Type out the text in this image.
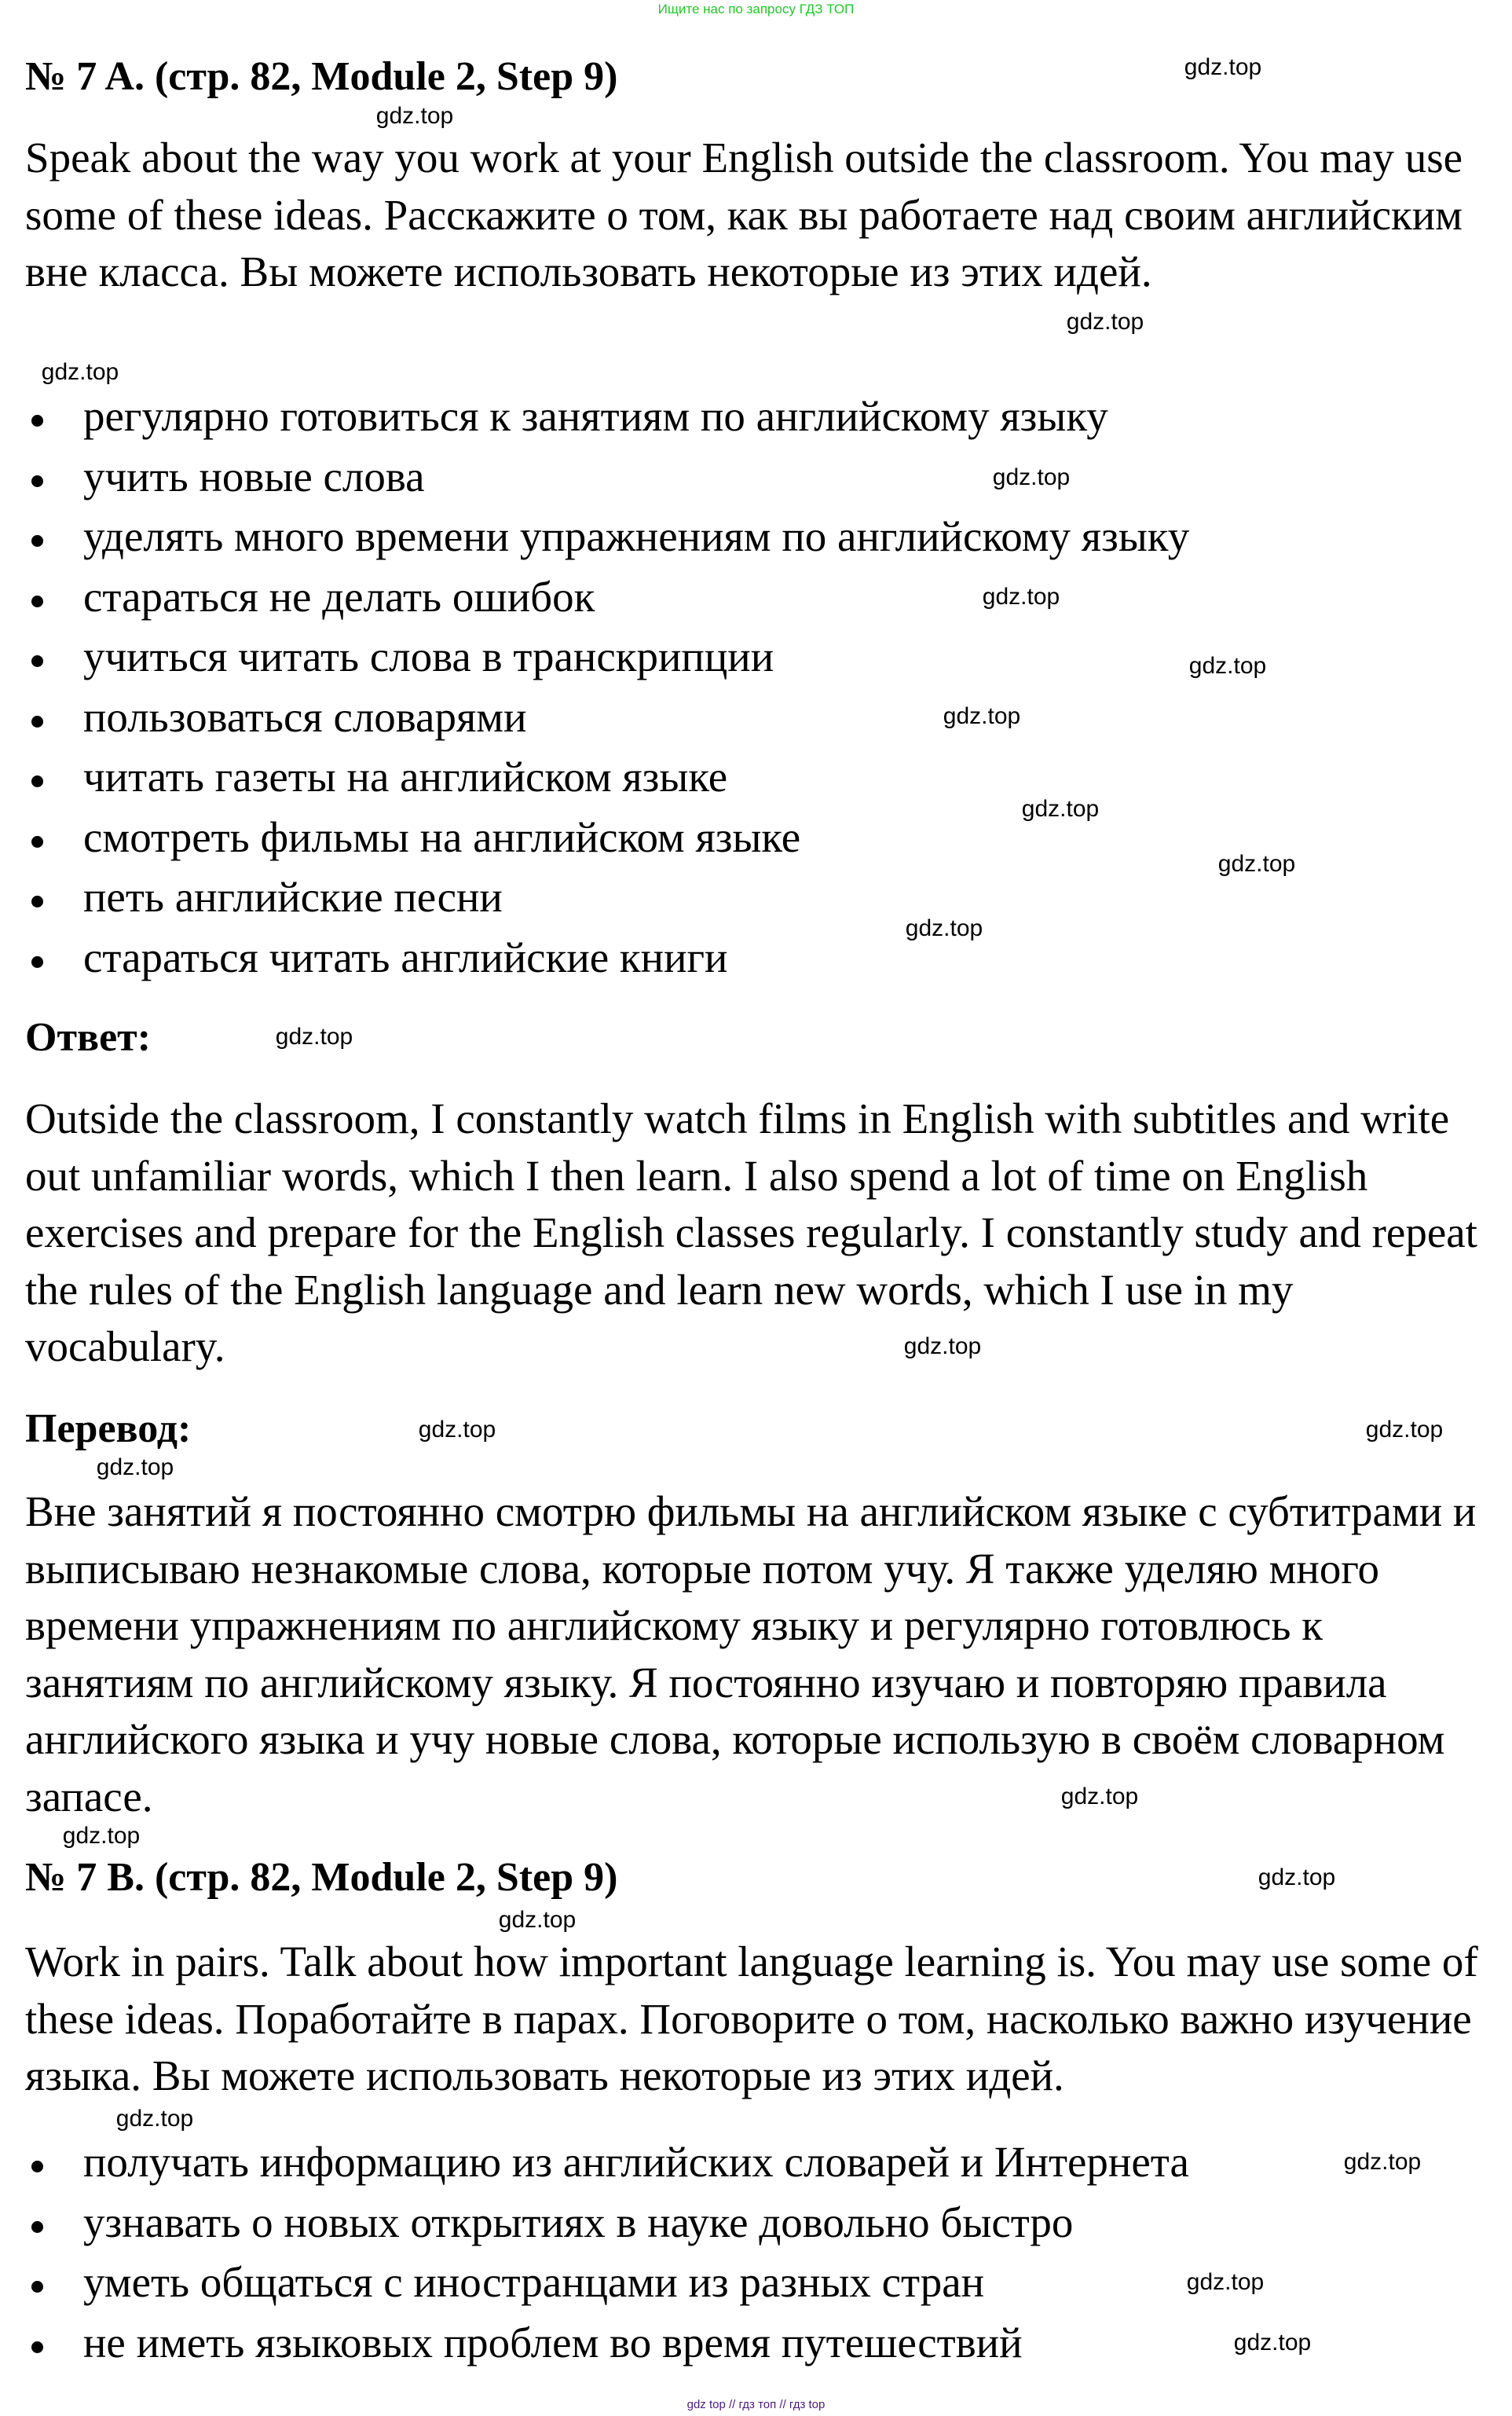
Ищите нас по запросу ГДЗ ТОП
№ 7 A. (стр. 82, Module 2, Step 9)
Speak about the way you work at your English outside the classroom. You may use some of these ideas. Расскажите о том, как вы работаете над своим английским вне класса. Вы можете использовать некоторые из этих идей.
регулярно готовиться к занятиям по английскому языку
учить новые слова
уделять много времени упражнениям по английскому языку
стараться не делать ошибок
учиться читать слова в транскрипции
пользоваться словарями
читать газеты на английском языке
смотреть фильмы на английском языке
петь английские песни
стараться читать английские книги
Ответ:
Outside the classroom, I constantly watch films in English with subtitles and write out unfamiliar words, which I then learn. I also spend a lot of time on English exercises and prepare for the English classes regularly. I constantly study and repeat the rules of the English language and learn new words, which I use in my vocabulary.
Перевод:
Вне занятий я постоянно смотрю фильмы на английском языке с субтитрами и выписываю незнакомые слова, которые потом учу. Я также уделяю много времени упражнениям по английскому языку и регулярно готовлюсь к занятиям по английскому языку. Я постоянно изучаю и повторяю правила английского языка и учу новые слова, которые использую в своём словарном запасе.
№ 7 B. (стр. 82, Module 2, Step 9)
Work in pairs. Talk about how important language learning is. You may use some of these ideas. Поработайте в парах. Поговорите о том, насколько важно изучение языка. Вы можете использовать некоторые из этих идей.
получать информацию из английских словарей и Интернета
узнавать о новых открытиях в науке довольно быстро
уметь общаться с иностранцами из разных стран
не иметь языковых проблем во время путешествий
gdz.top
gdz.top
gdz.top
gdz.top
gdz.top
gdz.top
gdz.top
gdz.top
gdz.top
gdz.top
gdz.top
gdz.top
gdz.top
gdz.top
gdz.top
gdz.top
gdz.top
gdz.top
gdz.top
gdz.top
gdz.top
gdz.top
gdz.top
gdz.top
gdz top // гдз топ // гдз top
